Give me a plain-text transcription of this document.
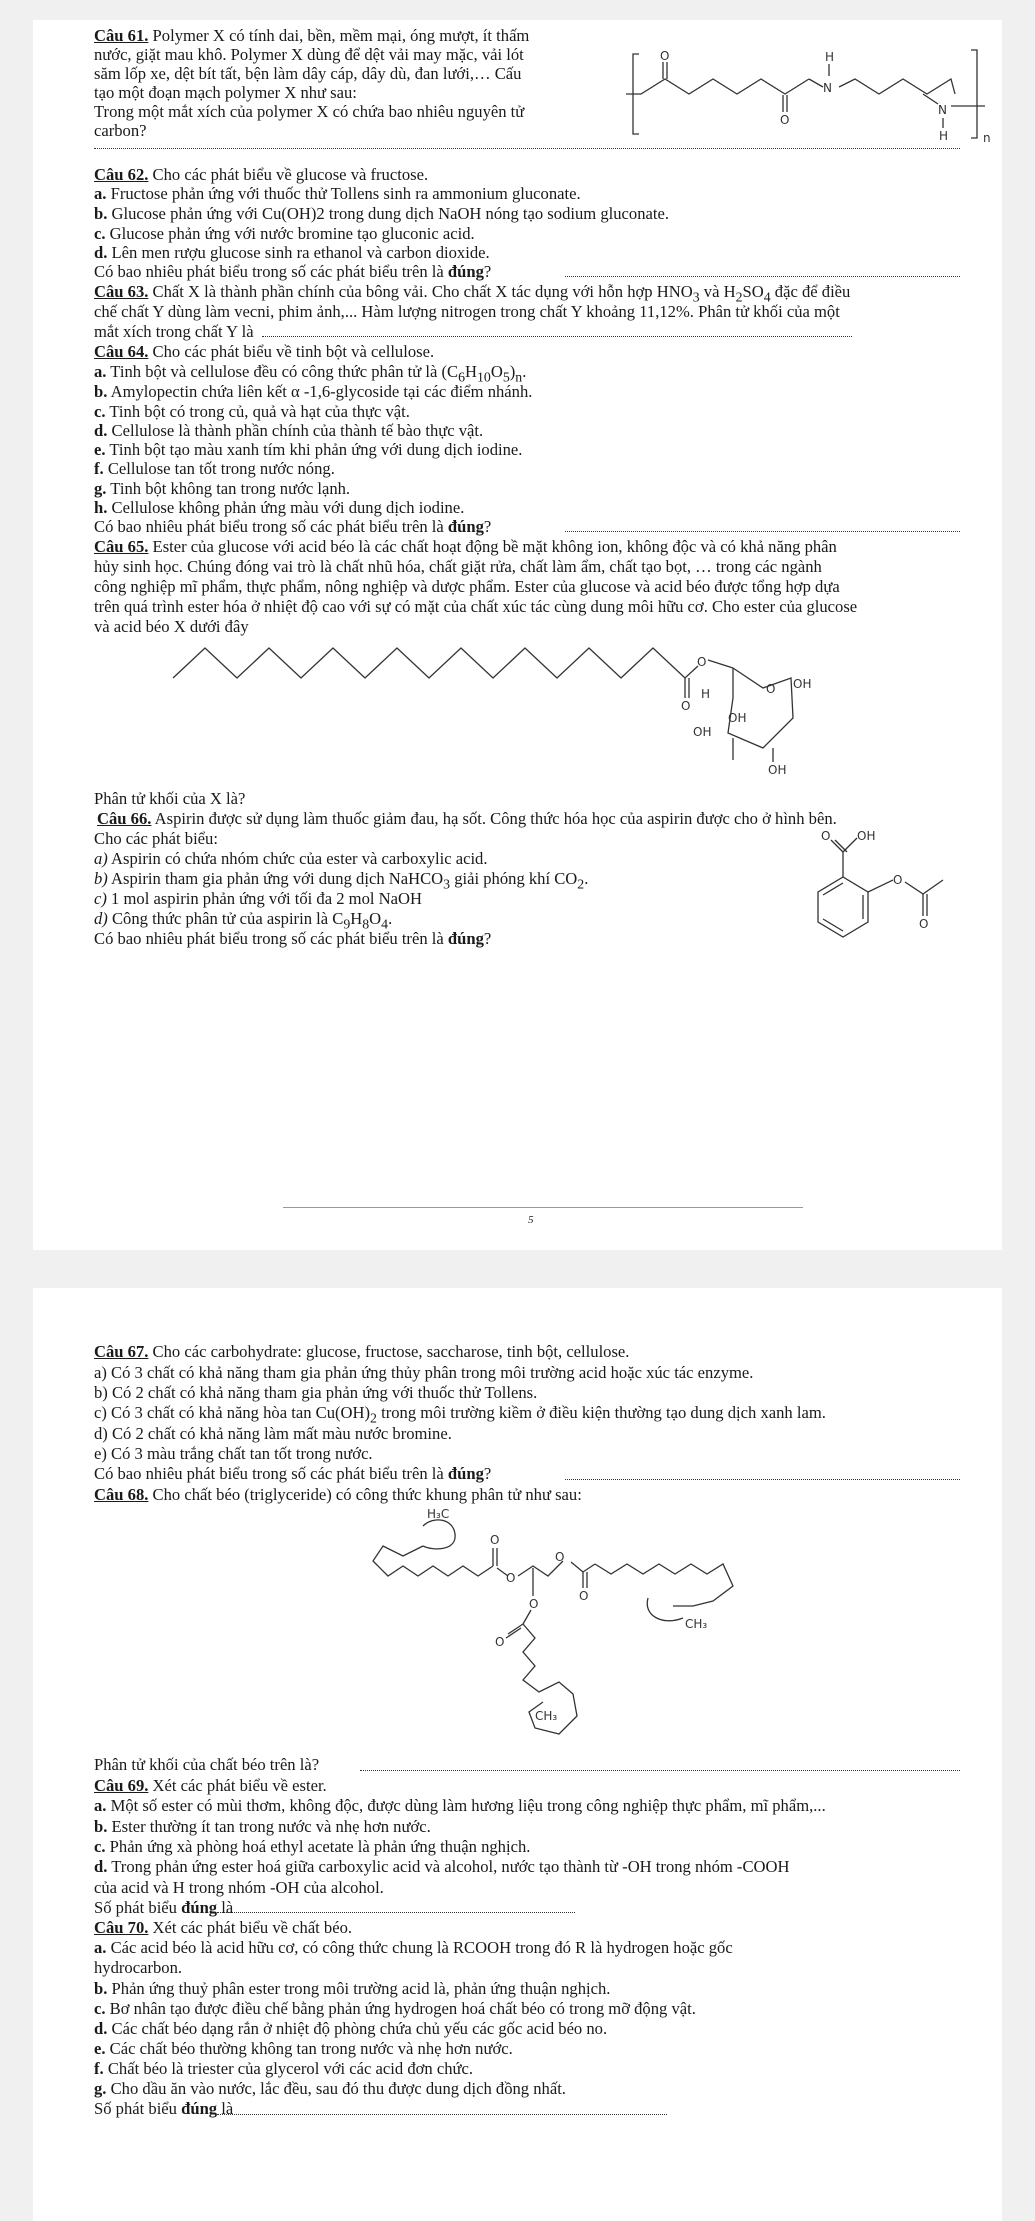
Câu 61. Polymer X có tính dai, bền, mềm mại, óng mượt, ít thấm
nước, giặt mau khô. Polymer X dùng để dệt vải may mặc, vải lót
săm lốp xe, dệt bít tất, bện làm dây cáp, dây dù, đan lưới,… Cấu
tạo một đoạn mạch polymer X như sau:
Trong một mắt xích của polymer X có chứa bao nhiêu nguyên tử
carbon?
O
O
N
H
N
H	n
Câu 62. Cho các phát biểu về glucose và fructose.
a. Fructose phản ứng với thuốc thử Tollens sinh ra ammonium gluconate.
b. Glucose phản ứng với Cu(OH)2 trong dung dịch NaOH nóng tạo sodium gluconate.
c. Glucose phản ứng với nước bromine tạo gluconic acid.
d. Lên men rượu glucose sinh ra ethanol và carbon dioxide.
Có bao nhiêu phát biểu trong số các phát biểu trên là đúng?
Câu 63. Chất X là thành phần chính của bông vải. Cho chất X tác dụng với hỗn hợp $HNO_3$ và $H_2SO_4$ đặc để điều
chế chất Y dùng làm vecni, phim ảnh,... Hàm lượng nitrogen trong chất Y khoảng 11,12%. Phân tử khối của một
mắt xích trong chất Y là
Câu 64. Cho các phát biểu về tinh bột và cellulose.
a. Tinh bột và cellulose đều có công thức phân tử là $(C_6H_{10}O_5)_n$.
b. Amylopectin chứa liên kết α -1,6-glycoside tại các điểm nhánh.
c. Tinh bột có trong củ, quả và hạt của thực vật.
d. Cellulose là thành phần chính của thành tế bào thực vật.
e. Tinh bột tạo màu xanh tím khi phản ứng với dung dịch iodine.
f. Cellulose tan tốt trong nước nóng.
g. Tinh bột không tan trong nước lạnh.
h. Cellulose không phản ứng màu với dung dịch iodine.
Có bao nhiêu phát biểu trong số các phát biểu trên là đúng?
Câu 65. Ester của glucose với acid béo là các chất hoạt động bề mặt không ion, không độc và có khả năng phân
hủy sinh học. Chúng đóng vai trò là chất nhũ hóa, chất giặt rửa, chất làm ẩm, chất tạo bọt, … trong các ngành
công nghiệp mĩ phẩm, thực phẩm, nông nghiệp và dược phẩm. Ester của glucose và acid béo được tổng hợp dựa
trên quá trình ester hóa ở nhiệt độ cao với sự có mặt của chất xúc tác cùng dung môi hữu cơ. Cho ester của glucose
và acid béo X dưới đây
O
O
O OH
OH
OH
OH
H
Phân tử khối của X là?
Câu 66. Aspirin được sử dụng làm thuốc giảm đau, hạ sốt. Công thức hóa học của aspirin được cho ở hình bên.
Cho các phát biểu:
a) Aspirin có chứa nhóm chức của ester và carboxylic acid.
b) Aspirin tham gia phản ứng với dung dịch NaHCO$_3$ giải phóng khí $CO_2$.
c) 1 mol aspirin phản ứng với tối đa 2 mol NaOH
d) Công thức phân tử của aspirin là $C_9H_8O_4$.
Có bao nhiêu phát biểu trong số các phát biểu trên là đúng?
O OH
O
O
5
Câu 67. Cho các carbohydrate: glucose, fructose, saccharose, tinh bột, cellulose.
a) Có 3 chất có khả năng tham gia phản ứng thủy phân trong môi trường acid hoặc xúc tác enzyme.
b) Có 2 chất có khả năng tham gia phản ứng với thuốc thử Tollens.
c) Có 3 chất có khả năng hòa $\tan Cu(OH)_2$ trong môi trường kiềm ở điều kiện thường tạo dung dịch xanh lam.
d) Có 2 chất có khả năng làm mất màu nước bromine.
e) Có 3 màu trắng chất tan tốt trong nước.
Có bao nhiêu phát biểu trong số các phát biểu trên là đúng?
Câu 68. Cho chất béo (triglyceride) có công thức khung phân tử như sau:
H₃C
O
O
O
O
CH₃
O
O
CH₃
Phân tử khối của chất béo trên là?
Câu 69. Xét các phát biểu về ester.
a. Một số ester có mùi thơm, không độc, được dùng làm hương liệu trong công nghiệp thực phẩm, mĩ phẩm,...
b. Ester thường ít tan trong nước và nhẹ hơn nước.
c. Phản ứng xà phòng hoá ethyl acetate là phản ứng thuận nghịch.
d. Trong phản ứng ester hoá giữa carboxylic acid và alcohol, nước tạo thành từ -OH trong nhóm -COOH
của acid và H trong nhóm -OH của alcohol.
Số phát biểu đúng là
Câu 70. Xét các phát biểu về chất béo.
a. Các acid béo là acid hữu cơ, có công thức chung là RCOOH trong đó R là hydrogen hoặc gốc
hydrocarbon.
b. Phản ứng thuỷ phân ester trong môi trường acid là, phản ứng thuận nghịch.
c. Bơ nhân tạo được điều chế bằng phản ứng hydrogen hoá chất béo có trong mỡ động vật.
d. Các chất béo dạng rắn ở nhiệt độ phòng chứa chủ yếu các gốc acid béo no.
e. Các chất béo thường không tan trong nước và nhẹ hơn nước.
f. Chất béo là triester của glycerol với các acid đơn chức.
g. Cho dầu ăn vào nước, lắc đều, sau đó thu được dung dịch đồng nhất.
Số phát biểu đúng là
